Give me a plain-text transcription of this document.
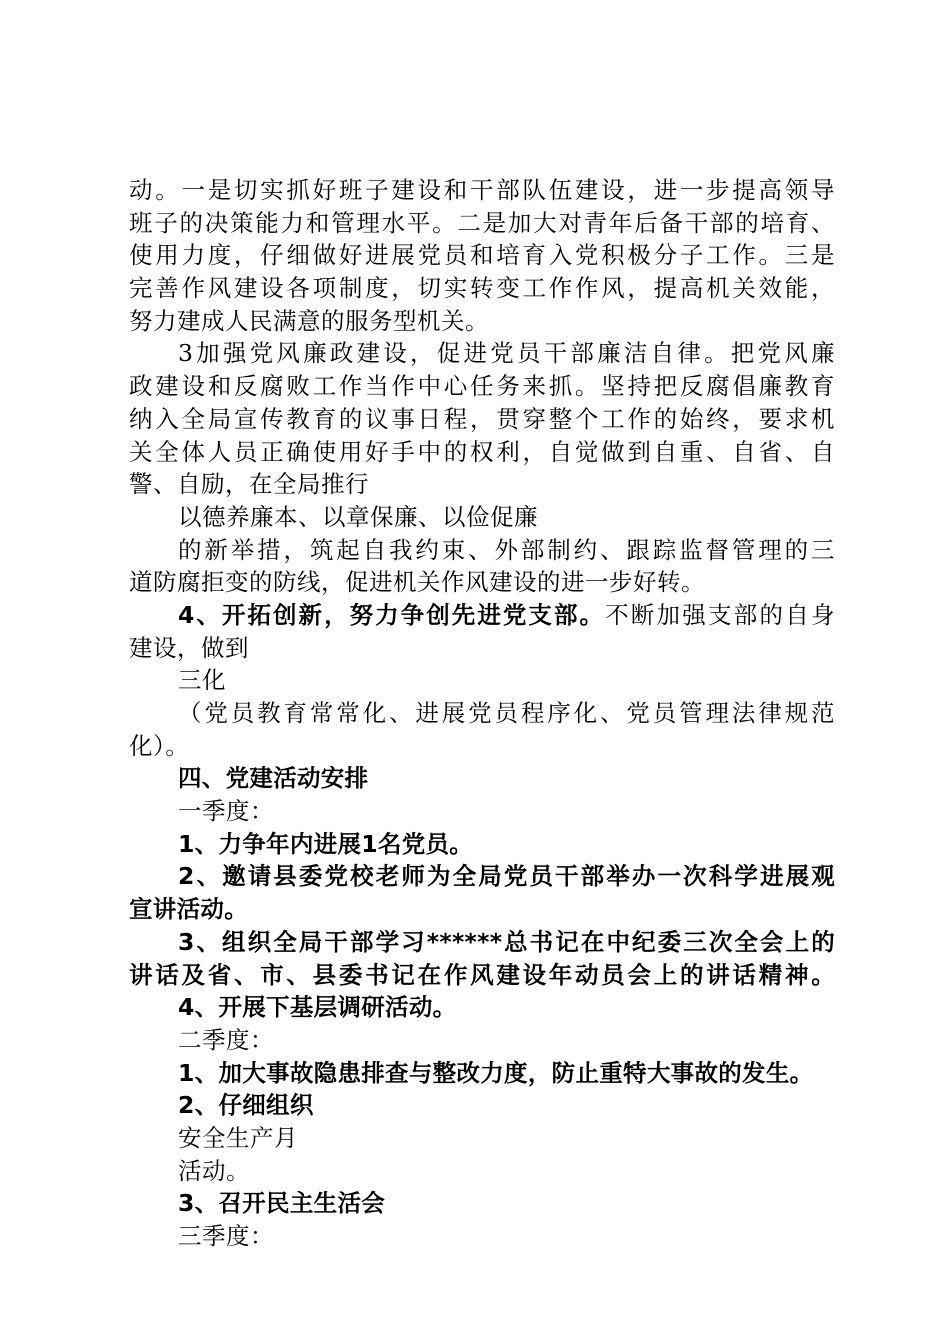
动。一是切实抓好班子建设和干部队伍建设，进一步提高领导
班子的决策能力和管理水平。二是加大对青年后备干部的培育、
使用力度，仔细做好进展党员和培育入党积极分子工作。三是
完善作风建设各项制度，切实转变工作作风，提高机关效能，
努力建成人民满意的服务型机关。
3加强党风廉政建设，促进党员干部廉洁自律。把党风廉
政建设和反腐败工作当作中心任务来抓。坚持把反腐倡廉教育
纳入全局宣传教育的议事日程，贯穿整个工作的始终，要求机
关全体人员正确使用好手中的权利，自觉做到自重、自省、自
警、自励，在全局推行
以德养廉本、以章保廉、以俭促廉
的新举措，筑起自我约束、外部制约、跟踪监督管理的三
道防腐拒变的防线，促进机关作风建设的进一步好转。
4、开拓创新，努力争创先进党支部。不断加强支部的自身
建设，做到
三化
（党员教育常常化、进展党员程序化、党员管理法律规范
化）。
四、党建活动安排
一季度：
1、力争年内进展1名党员。
2、邀请县委党校老师为全局党员干部举办一次科学进展观
宣讲活动。
3、组织全局干部学习******总书记在中纪委三次全会上的
讲话及省、市、县委书记在作风建设年动员会上的讲话精神。
4、开展下基层调研活动。
二季度：
1、加大事故隐患排查与整改力度，防止重特大事故的发生。
2、仔细组织
安全生产月
活动。
3、召开民主生活会
三季度：
